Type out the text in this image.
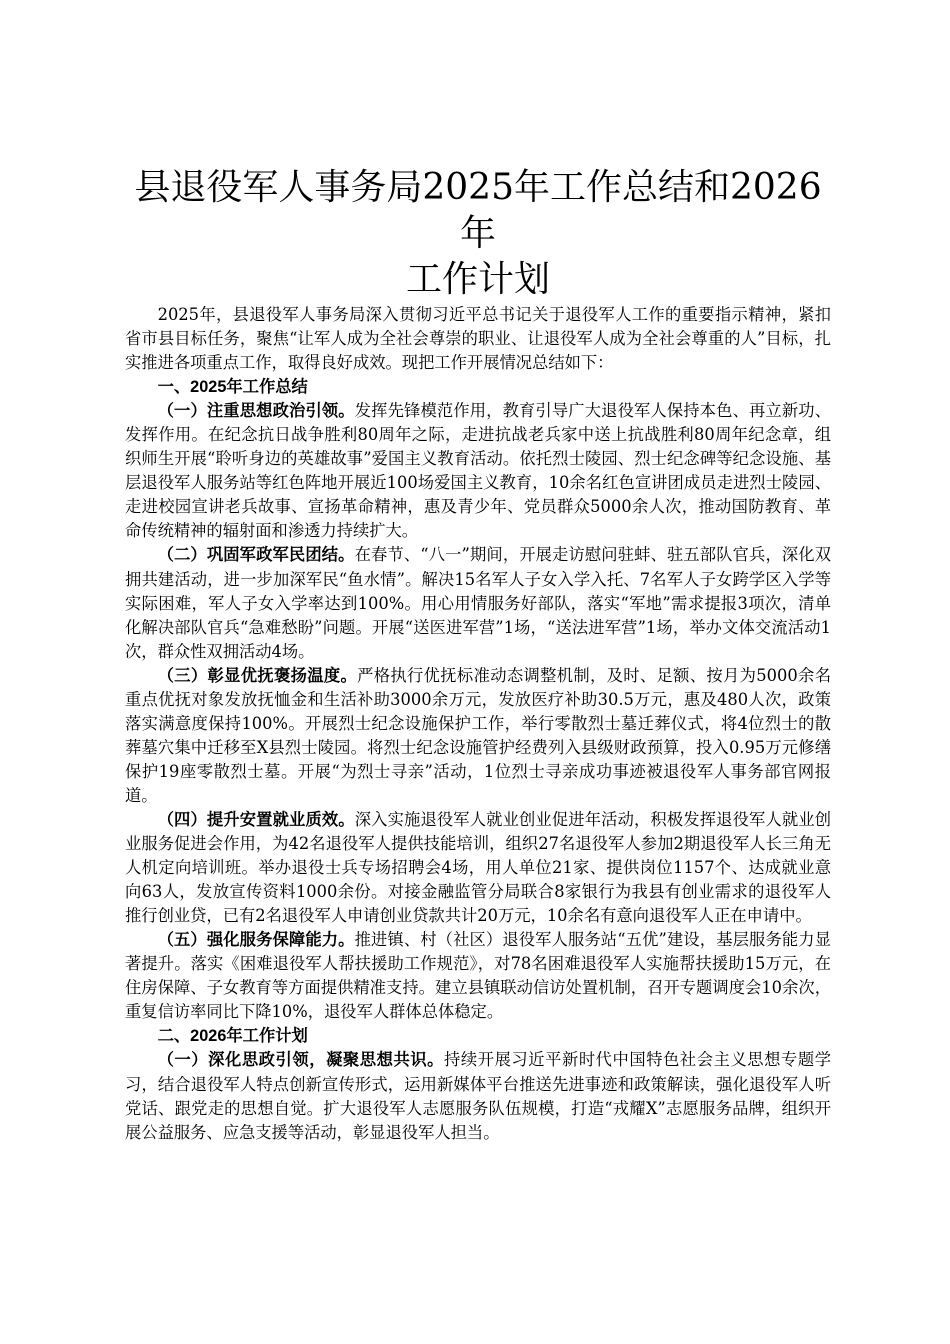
县退役军人事务局2025年工作总结和2026年
工作计划

2025年，县退役军人事务局深入贯彻习近平总书记关于退役军人工作的重要指示精神，紧扣省市县目标任务，聚焦“让军人成为全社会尊崇的职业、让退役军人成为全社会尊重的人”目标，扎实推进各项重点工作，取得良好成效。现把工作开展情况总结如下：

一、2025年工作总结

（一）注重思想政治引领。发挥先锋模范作用，教育引导广大退役军人保持本色、再立新功、发挥作用。在纪念抗日战争胜利80周年之际，走进抗战老兵家中送上抗战胜利80周年纪念章，组织师生开展“聆听身边的英雄故事”爱国主义教育活动。依托烈士陵园、烈士纪念碑等纪念设施、基层退役军人服务站等红色阵地开展近100场爱国主义教育，10余名红色宣讲团成员走进烈士陵园、走进校园宣讲老兵故事、宣扬革命精神，惠及青少年、党员群众5000余人次，推动国防教育、革命传统精神的辐射面和渗透力持续扩大。

（二）巩固军政军民团结。在春节、“八一”期间，开展走访慰问驻蚌、驻五部队官兵，深化双拥共建活动，进一步加深军民“鱼水情”。解决15名军人子女入学入托、7名军人子女跨学区入学等实际困难，军人子女入学率达到100%。用心用情服务好部队，落实“军地”需求提报3项次，清单化解决部队官兵“急难愁盼”问题。开展“送医进军营”1场，“送法进军营”1场，举办文体交流活动1次，群众性双拥活动4场。

（三）彰显优抚褒扬温度。严格执行优抚标准动态调整机制，及时、足额、按月为5000余名重点优抚对象发放抚恤金和生活补助3000余万元，发放医疗补助30.5万元，惠及480人次，政策落实满意度保持100%。开展烈士纪念设施保护工作，举行零散烈士墓迁葬仪式，将4位烈士的散葬墓穴集中迁移至X县烈士陵园。将烈士纪念设施管护经费列入县级财政预算，投入0.95万元修缮保护19座零散烈士墓。开展“为烈士寻亲”活动，1位烈士寻亲成功事迹被退役军人事务部官网报道。

（四）提升安置就业质效。深入实施退役军人就业创业促进年活动，积极发挥退役军人就业创业服务促进会作用，为42名退役军人提供技能培训，组织27名退役军人参加2期退役军人长三角无人机定向培训班。举办退役士兵专场招聘会4场，用人单位21家、提供岗位1157个、达成就业意向63人，发放宣传资料1000余份。对接金融监管分局联合8家银行为我县有创业需求的退役军人推行创业贷，已有2名退役军人申请创业贷款共计20万元，10余名有意向退役军人正在申请中。

（五）强化服务保障能力。推进镇、村（社区）退役军人服务站“五优”建设，基层服务能力显著提升。落实《困难退役军人帮扶援助工作规范》，对78名困难退役军人实施帮扶援助15万元，在住房保障、子女教育等方面提供精准支持。建立县镇联动信访处置机制，召开专题调度会10余次，重复信访率同比下降10%，退役军人群体总体稳定。

二、2026年工作计划

（一）深化思政引领，凝聚思想共识。持续开展习近平新时代中国特色社会主义思想专题学习，结合退役军人特点创新宣传形式，运用新媒体平台推送先进事迹和政策解读，强化退役军人听党话、跟党走的思想自觉。扩大退役军人志愿服务队伍规模，打造“戎耀X”志愿服务品牌，组织开展公益服务、应急支援等活动，彰显退役军人担当。
